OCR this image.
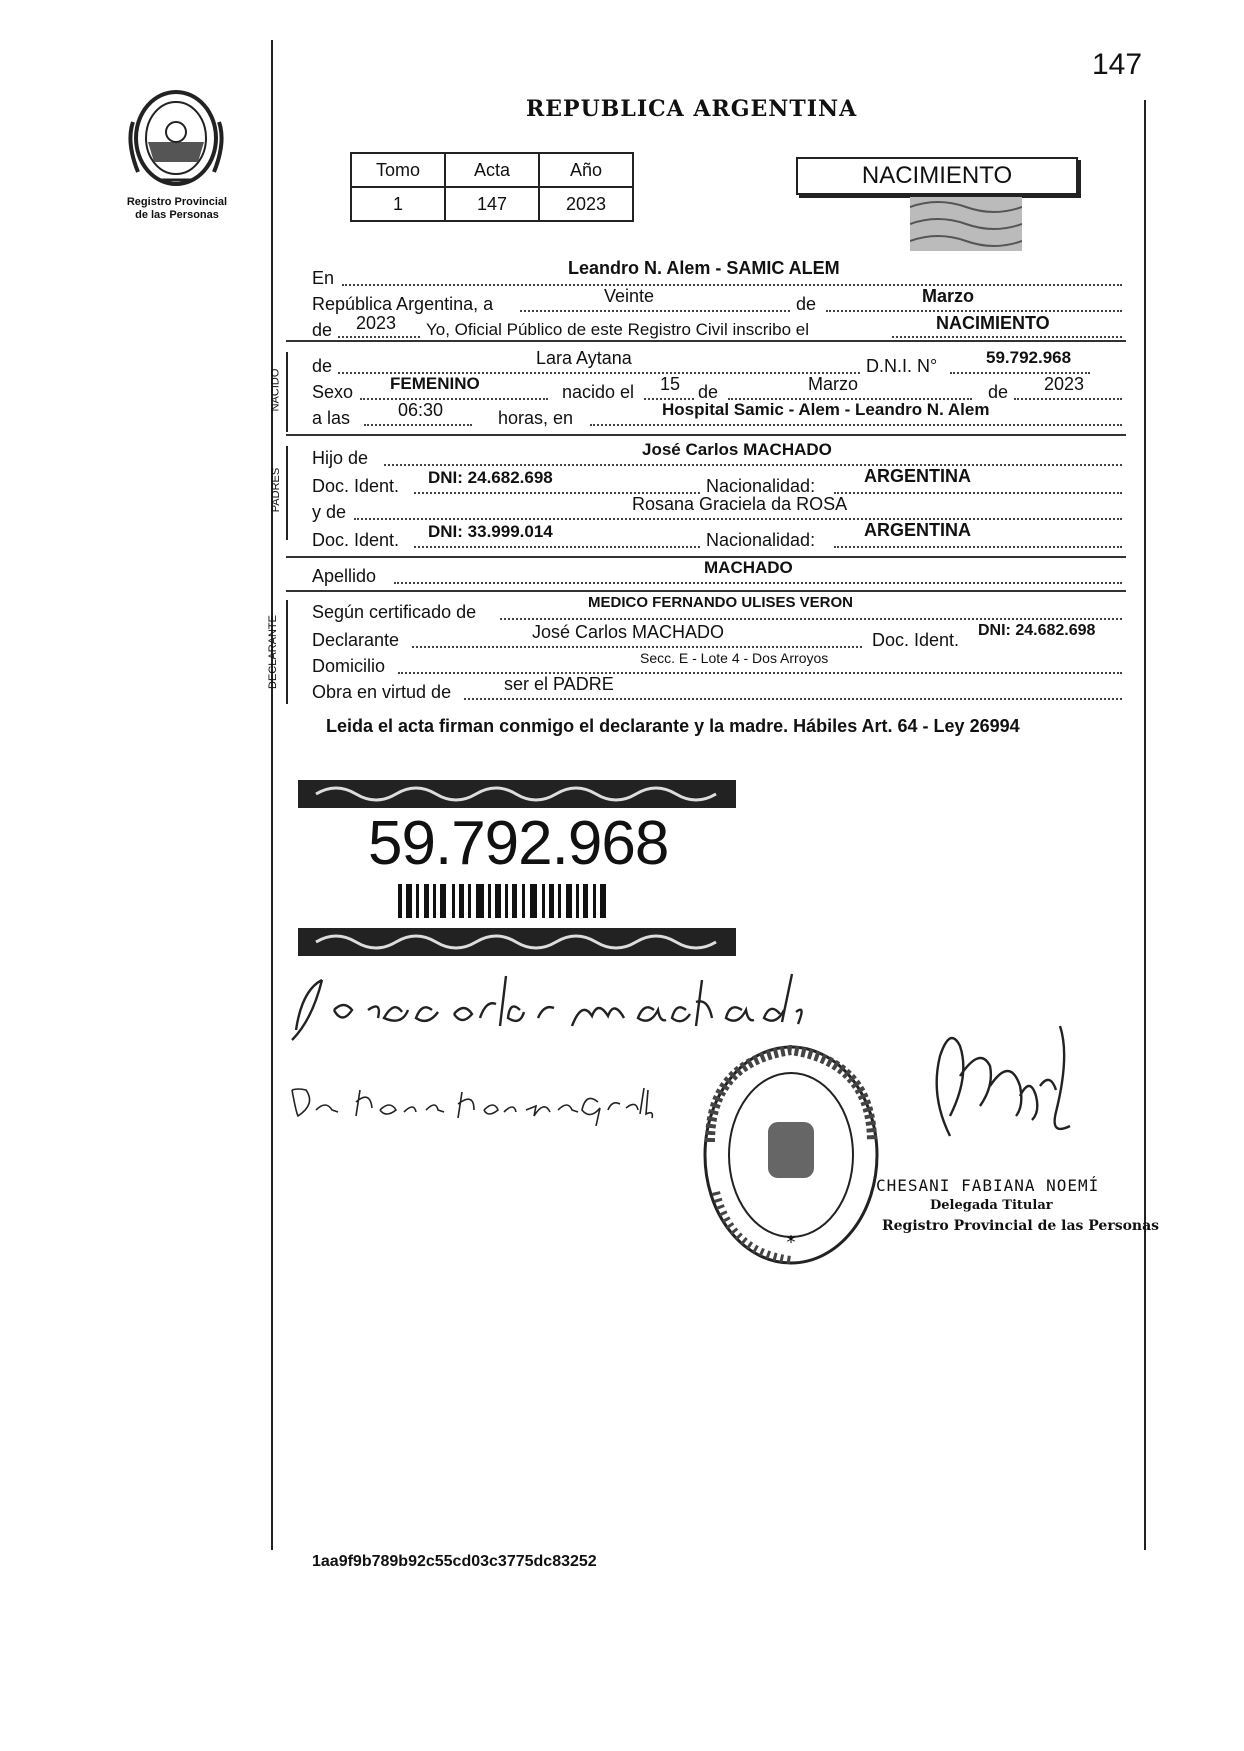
147
Registro Provincial
de las Personas
REPUBLICA ARGENTINA
Tomo	Acta	Año
1	147	2023
NACIMIENTO
En	Leandro N. Alem - SAMIC ALEM
República Argentina, a	Veinte	de	Marzo
de 2023 Yo, Oficial Público de este Registro Civil inscribo el	NACIMIENTO
NACIDO
de	Lara Aytana	D.N.I. N°	59.792.968
Sexo FEMENINO	nacido el 15 de	Marzo	de 2023
a las	06:30	horas, en	Hospital Samic - Alem - Leandro N. Alem
PADRES
Hijo de	José Carlos MACHADO
Doc. Ident. DNI: 24.682.698	Nacionalidad:	ARGENTINA
y de	Rosana Graciela da ROSA
Doc. Ident. DNI: 33.999.014	Nacionalidad:	ARGENTINA
Apellido	MACHADO
DECLARANTE
Según certificado de	MEDICO FERNANDO ULISES VERON
Declarante	José Carlos MACHADO	Doc. Ident. DNI: 24.682.698
Domicilio	Secc. E - Lote 4 - Dos Arroyos
Obra en virtud de	ser el PADRE
Leida el acta firman conmigo el declarante y la madre. Hábiles Art. 64 - Ley 26994
59.792.968
*
CHESANI FABIANA NOEMÍ
Delegada Titular
Registro Provincial de las Personas
1aa9f9b789b92c55cd03c3775dc83252
